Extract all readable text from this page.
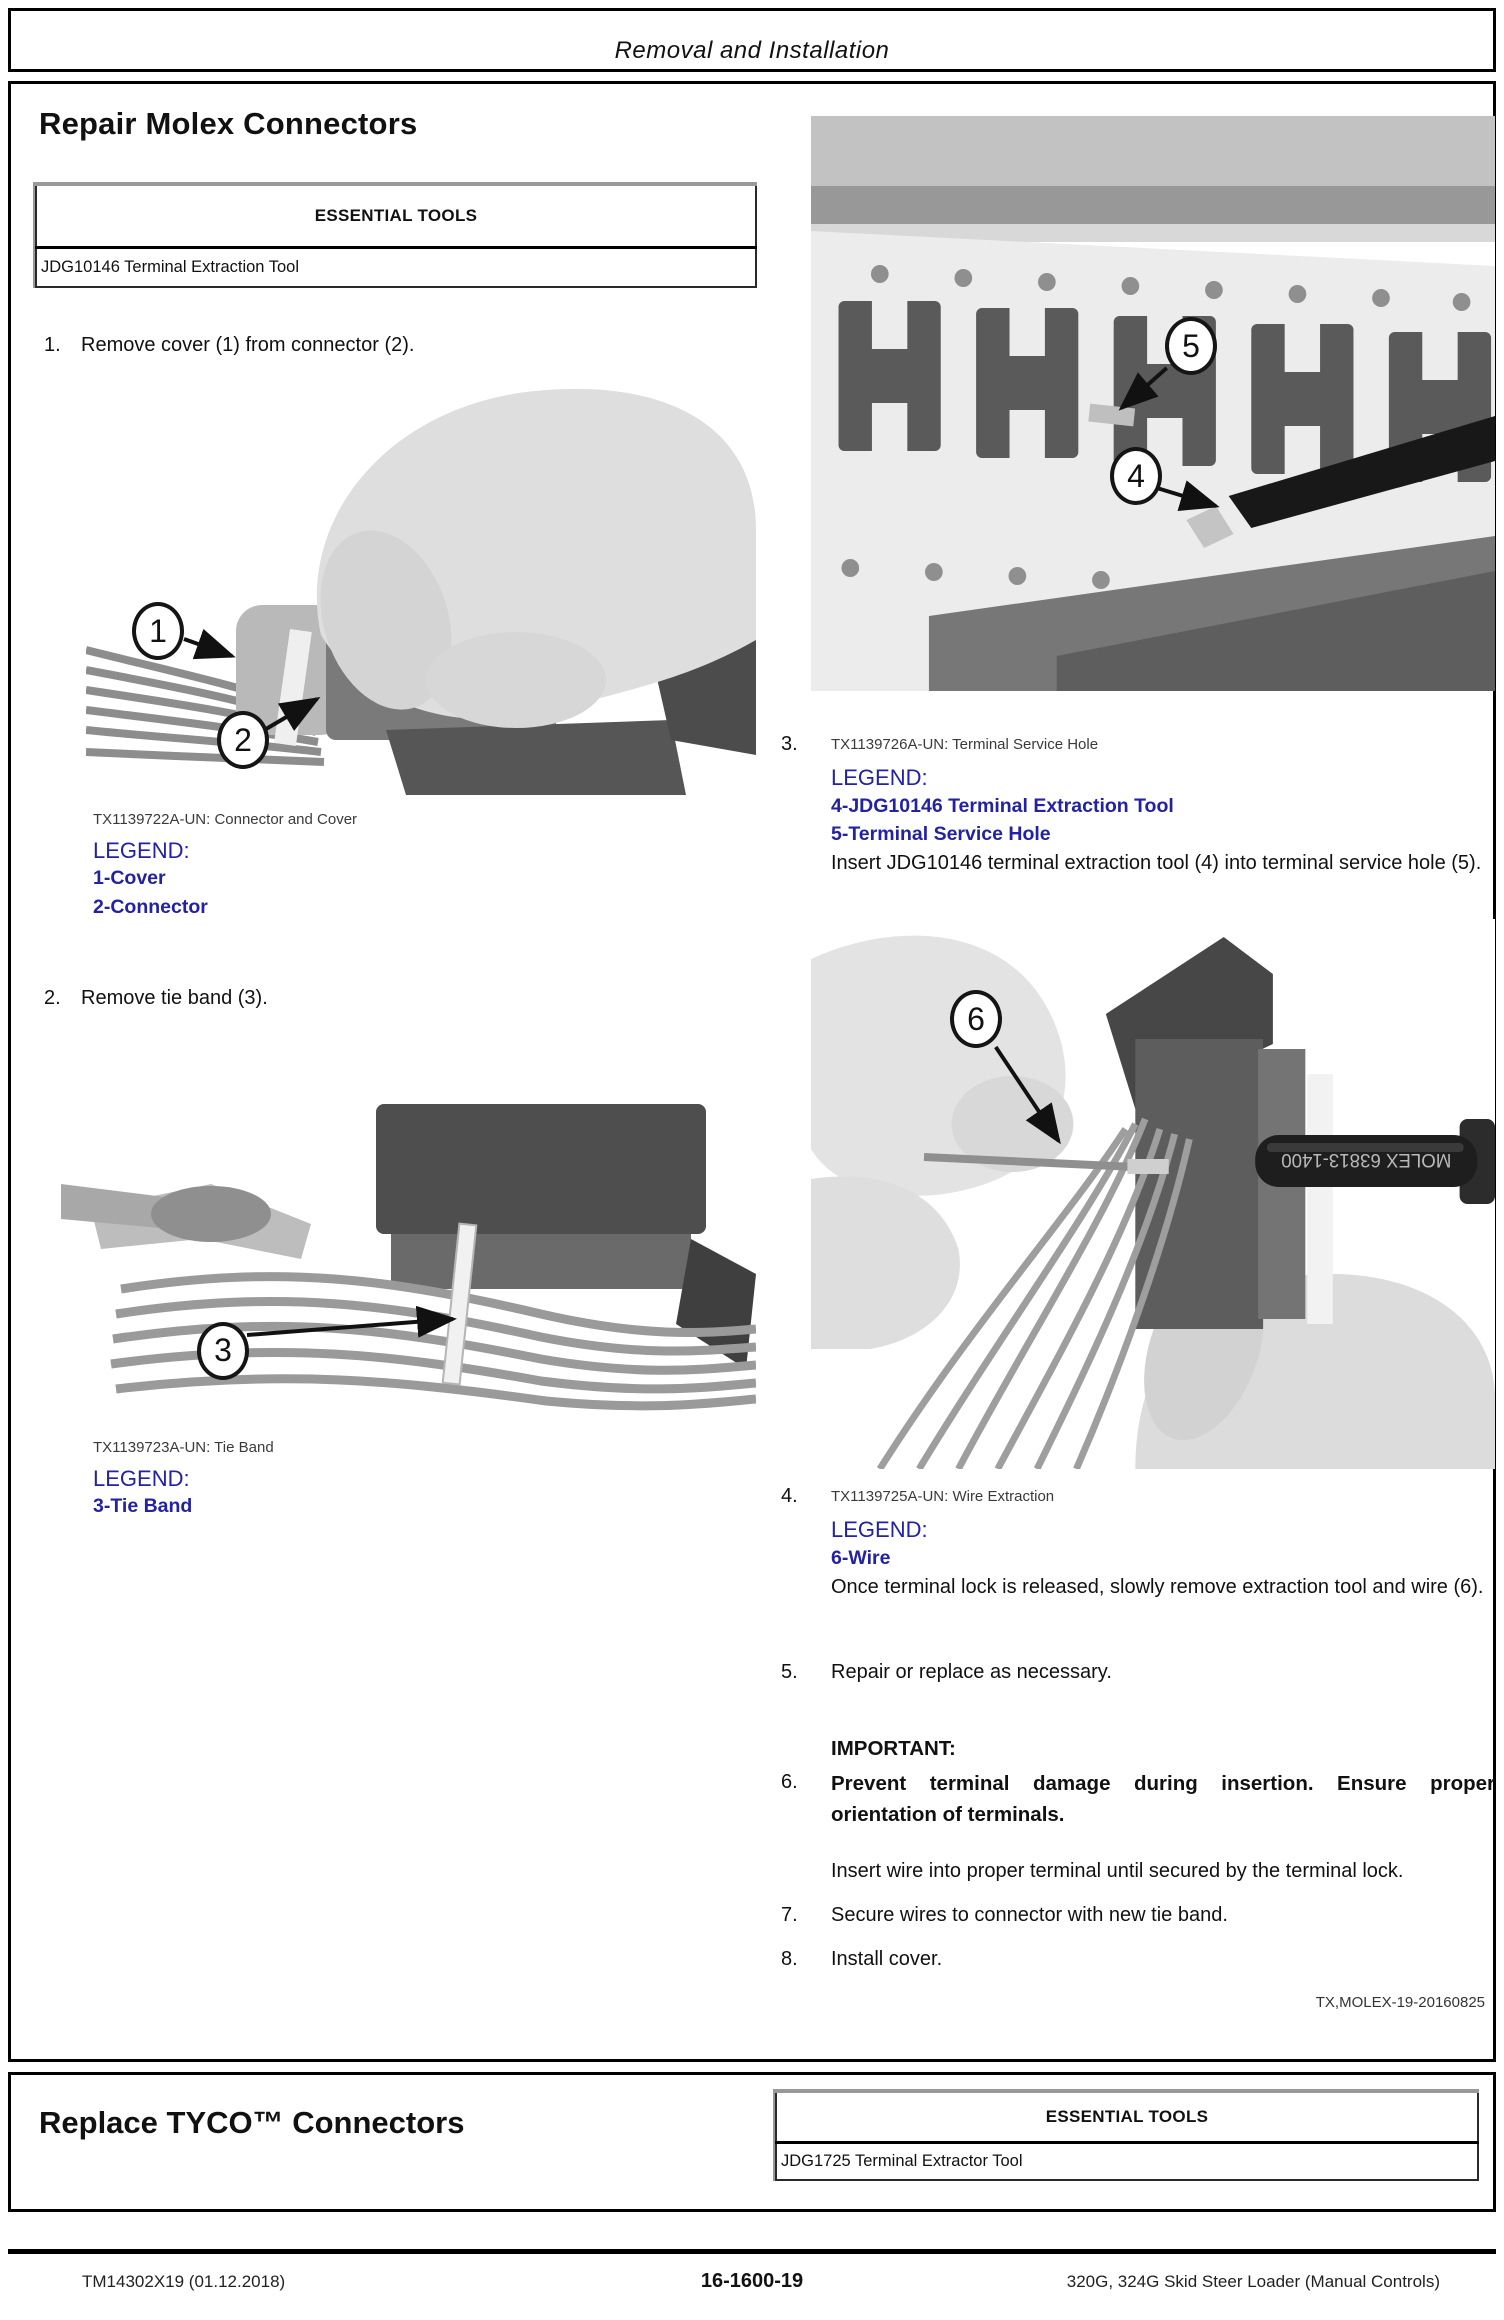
Removal and Installation
Repair Molex Connectors
ESSENTIAL TOOLS
JDG10146 Terminal Extraction Tool
1.	Remove cover (1) from connector (2).
1
2
TX1139722A-UN: Connector and Cover
LEGEND:
1-Cover
2-Connector
2.	Remove tie band (3).
3
TX1139723A-UN: Tie Band
LEGEND:
3-Tie Band
5
4
3.	TX1139726A-UN: Terminal Service Hole
LEGEND:
4-JDG10146 Terminal Extraction Tool
5-Terminal Service Hole
Insert JDG10146 terminal extraction tool (4) into terminal service hole (5).
MOLEX 63813-1400
6
4.	TX1139725A-UN: Wire Extraction
LEGEND:
6-Wire
Once terminal lock is released, slowly remove extraction tool and wire (6).
5.	Repair or replace as necessary.
IMPORTANT:
6.	Prevent terminal damage during insertion. Ensure proper orientation of terminals.
Insert wire into proper terminal until secured by the terminal lock.
7.	Secure wires to connector with new tie band.
8.	Install cover.
TX,MOLEX-19-20160825
Replace TYCO™ Connectors	ESSENTIAL TOOLS
JDG1725 Terminal Extractor Tool
TM14302X19 (01.12.2018)	16-1600-19	320G, 324G Skid Steer Loader (Manual Controls)
